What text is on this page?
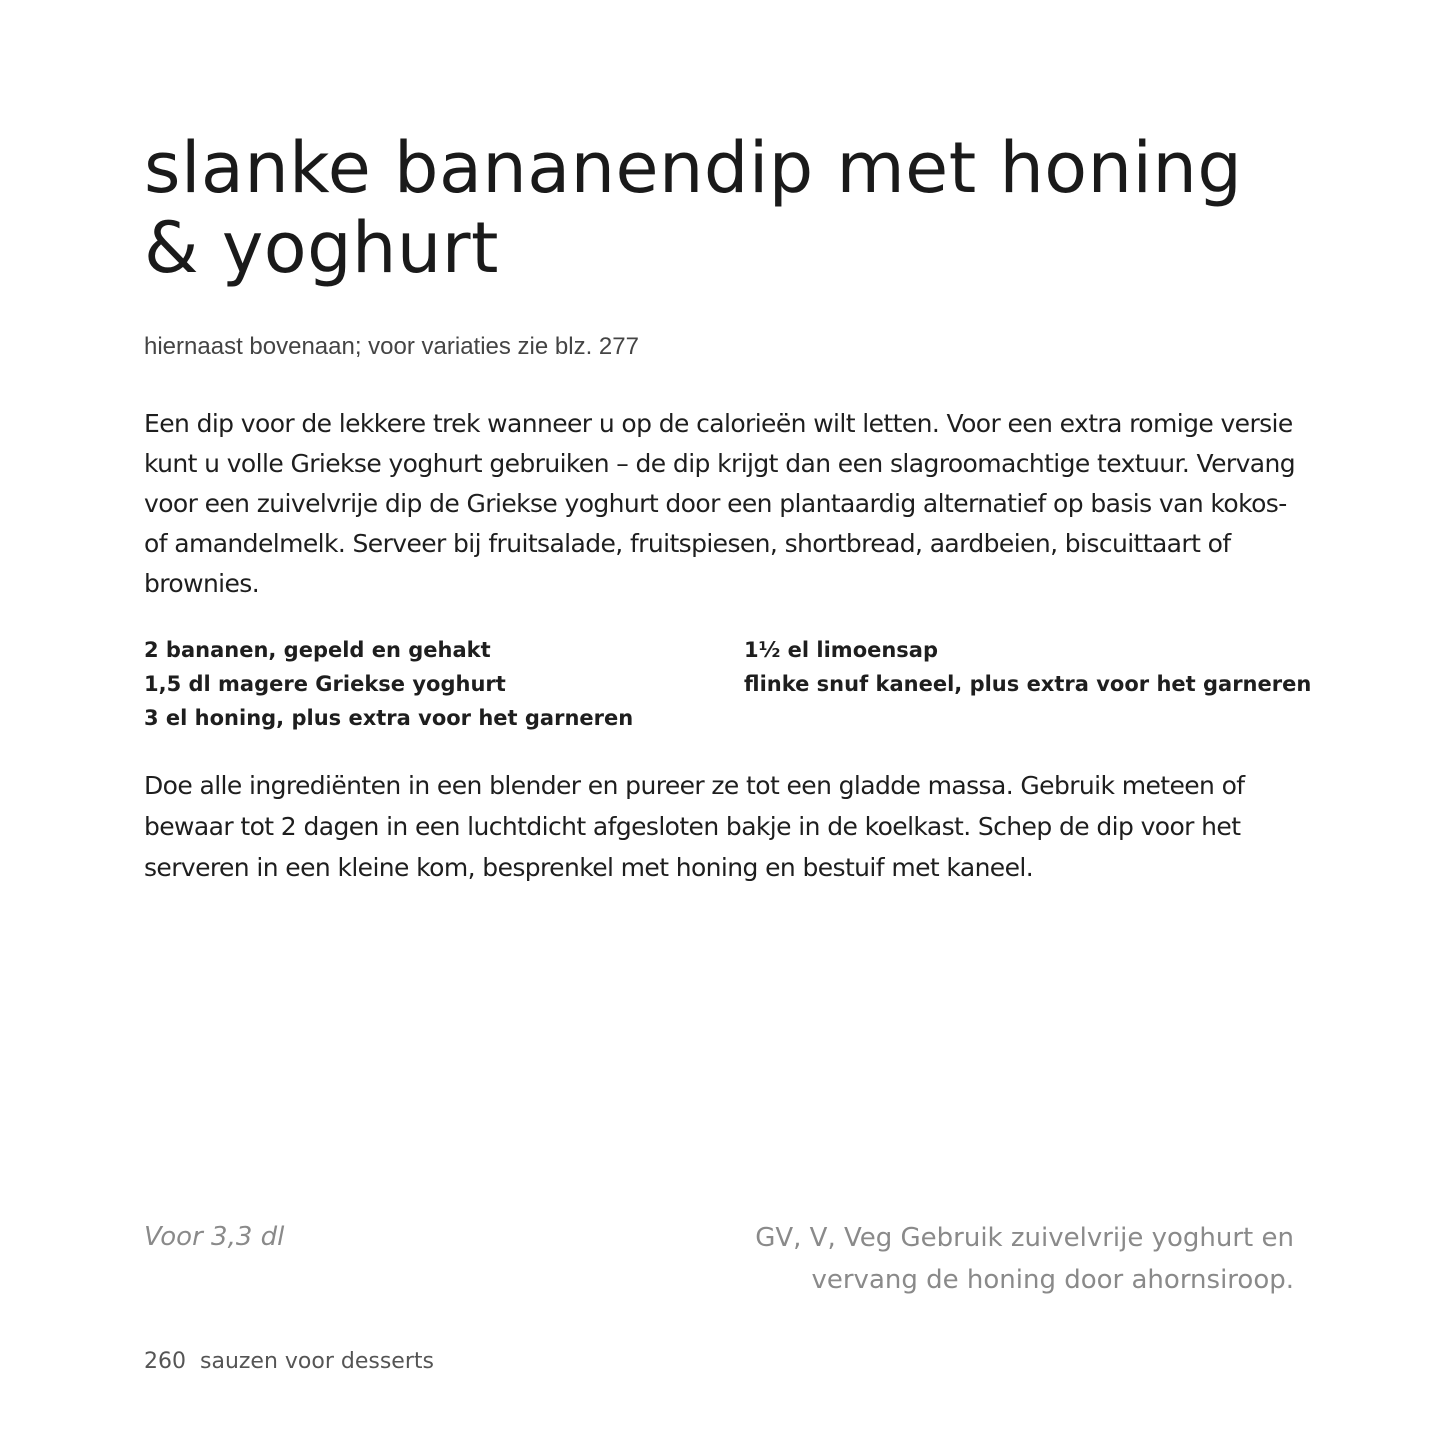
slanke bananendip met honing & yoghurt

hiernaast bovenaan; voor variaties zie blz. 277

Een dip voor de lekkere trek wanneer u op de calorieën wilt letten. Voor een extra romige versie kunt u volle Griekse yoghurt gebruiken – de dip krijgt dan een slagroomachtige textuur. Vervang voor een zuivelvrije dip de Griekse yoghurt door een plantaardig alternatief op basis van kokos- of amandelmelk. Serveer bij fruitsalade, fruitspiesen, shortbread, aardbeien, biscuittaart of brownies.

2 bananen, gepeld en gehakt
1,5 dl magere Griekse yoghurt
3 el honing, plus extra voor het garneren
1½ el limoensap
flinke snuf kaneel, plus extra voor het garneren

Doe alle ingrediënten in een blender en pureer ze tot een gladde massa. Gebruik meteen of bewaar tot 2 dagen in een luchtdicht afgesloten bakje in de koelkast. Schep de dip voor het serveren in een kleine kom, besprenkel met honing en bestuif met kaneel.

Voor 3,3 dl	GV, V, Veg Gebruik zuivelvrije yoghurt en vervang de honing door ahornsiroop.

260 sauzen voor desserts
